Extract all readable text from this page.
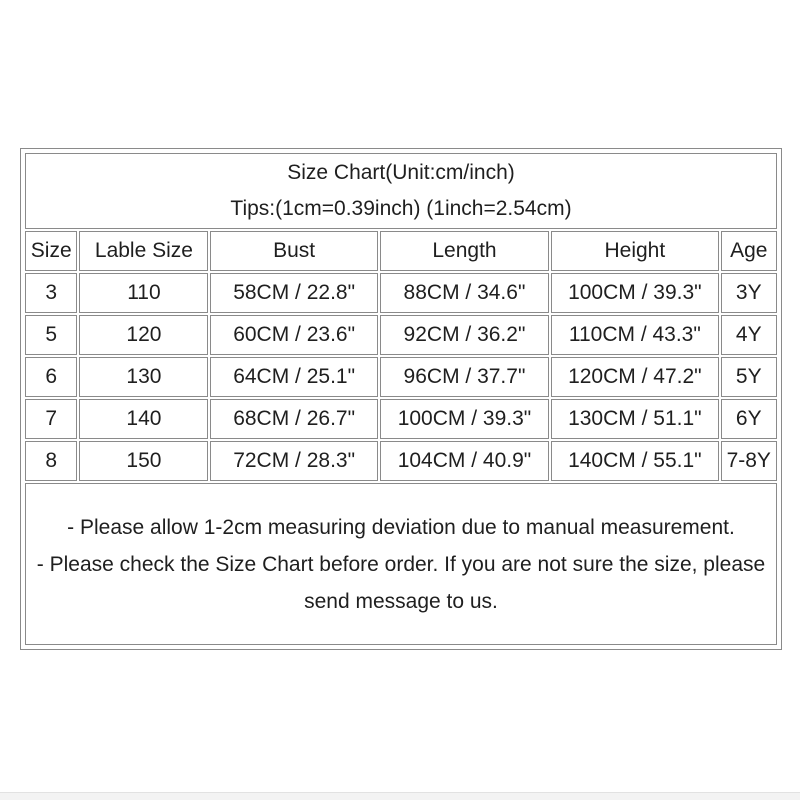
Size Chart(Unit:cm/inch)
Tips:(1cm=0.39inch) (1inch=2.54cm)					

Size	Lable Size	Bust	Length	Height	Age
3	110	58CM / 22.8"	88CM / 34.6"	100CM / 39.3"	3Y
5	120	60CM / 23.6"	92CM / 36.2"	110CM / 43.3"	4Y
6	130	64CM / 25.1"	96CM / 37.7"	120CM / 47.2"	5Y
7	140	68CM / 26.7"	100CM / 39.3"	130CM / 51.1"	6Y
8	150	72CM / 28.3"	104CM / 40.9"	140CM / 55.1"	7-8Y

- Please allow 1-2cm measuring deviation due to manual measurement.
- Please check the Size Chart before order. If you are not sure the size, please send message to us.					
